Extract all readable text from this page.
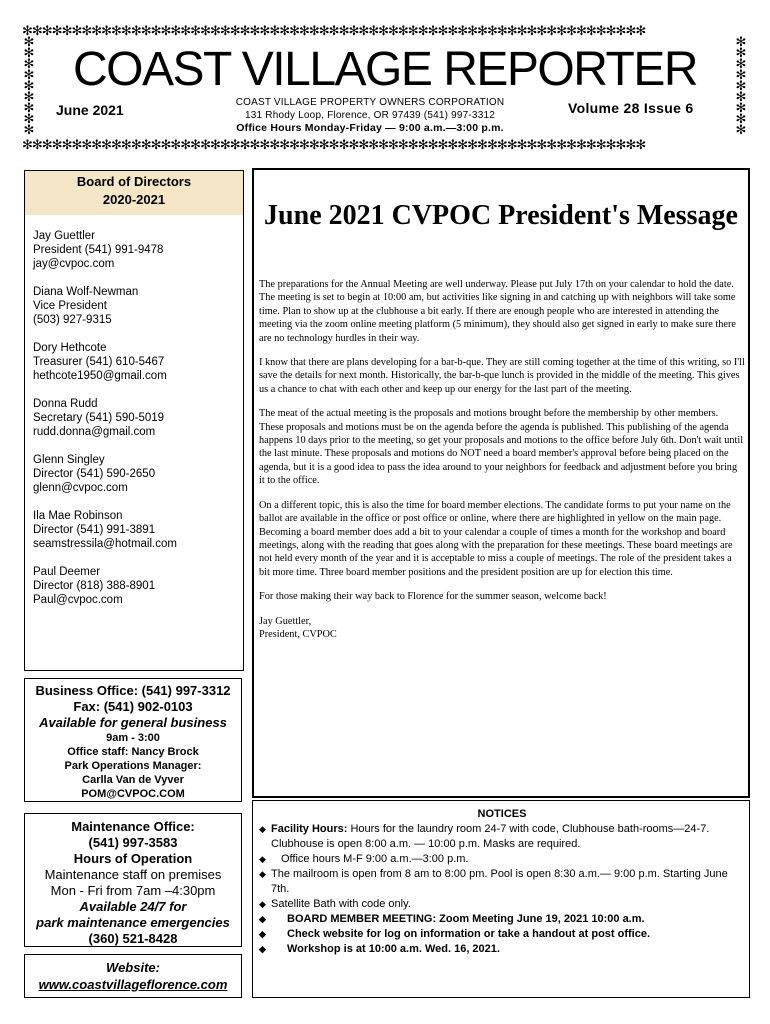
✻✻✻✻✻✻✻✻✻✻✻✻✻✻✻✻✻✻✻✻✻✻✻✻✻✻✻✻✻✻✻✻✻✻✻✻✻✻✻✻✻✻✻✻✻✻✻✻✻✻✻✻✻✻✻✻✻✻✻✻✻✻✻
✻✻✻✻✻✻✻✻✻✻✻✻✻✻✻✻✻✻✻✻✻✻✻✻✻✻✻✻✻✻✻✻✻✻✻✻✻✻✻✻✻✻✻✻✻✻✻✻✻✻✻✻✻✻✻✻✻✻✻✻✻✻✻
✻✻✻✻✻✻✻✻✻
✻✻✻✻✻✻✻✻✻
COAST VILLAGE REPORTER
June 2021	COAST VILLAGE PROPERTY OWNERS CORPORATION
131 Rhody Loop, Florence, OR 97439 (541) 997-3312
Office Hours Monday-Friday — 9:00 a.m.—3:00 p.m.
Volume 28 Issue 6
Board of Directors
2020-2021
Jay Guettler
President (541) 991-9478
jay@cvpoc.com
Diana Wolf-Newman
Vice President
(503) 927-9315
Dory Hethcote
Treasurer (541) 610-5467
hethcote1950@gmail.com
Donna Rudd
Secretary (541) 590-5019
rudd.donna@gmail.com
Glenn Singley
Director (541) 590-2650
glenn@cvpoc.com
Ila Mae Robinson
Director (541) 991-3891
seamstressila@hotmail.com
Paul Deemer
Director (818) 388-8901
Paul@cvpoc.com
Business Office: (541) 997-3312
Fax: (541) 902-0103
Available for general business
9am - 3:00
Office staff: Nancy Brock
Park Operations Manager:
Carlla Van de Vyver
POM@CVPOC.COM
Maintenance Office:
(541) 997-3583
Hours of Operation
Maintenance staff on premises
Mon - Fri from 7am –4:30pm
Available 24/7 for
park maintenance emergencies
(360) 521-8428
Website:
www.coastvillageflorence.com
June 2021 CVPOC President's Message

The preparations for the Annual Meeting are well underway. Please put July 17th on your calendar to hold the date. The meeting is set to begin at 10:00 am, but activities like signing in and catching up with neighbors will take some time. Plan to show up at the clubhouse a bit early. If there are enough people who are interested in attending the meeting via the zoom online meeting platform (5 minimum), they should also get signed in early to make sure there are no technology hurdles in their way.

I know that there are plans developing for a bar-b-que. They are still coming together at the time of this writing, so I'll save the details for next month. Historically, the bar-b-que lunch is provided in the middle of the meeting. This gives us a chance to chat with each other and keep up our energy for the last part of the meeting.

The meat of the actual meeting is the proposals and motions brought before the membership by other members. These proposals and motions must be on the agenda before the agenda is published. This publishing of the agenda happens 10 days prior to the meeting, so get your proposals and motions to the office before July 6th. Don't wait until the last minute. These proposals and motions do NOT need a board member's approval before being placed on the agenda, but it is a good idea to pass the idea around to your neighbors for feedback and adjustment before you bring it to the office.

On a different topic, this is also the time for board member elections. The candidate forms to put your name on the ballot are available in the office or post office or online, where there are highlighted in yellow on the main page. Becoming a board member does add a bit to your calendar a couple of times a month for the workshop and board meetings, along with the reading that goes along with the preparation for these meetings. These board meetings are not held every month of the year and it is acceptable to miss a couple of meetings. The role of the president takes a bit more time. Three board member positions and the president position are up for election this time.

For those making their way back to Florence for the summer season, welcome back!

Jay Guettler,
President, CVPOC
NOTICES
◆ Facility Hours: Hours for the laundry room 24-7 with code, Clubhouse bath-rooms—24-7. Clubhouse is open 8:00 a.m. — 10:00 p.m. Masks are required.
◆ Office hours M-F 9:00 a.m.—3:00 p.m.
◆ The mailroom is open from 8 am to 8:00 pm. Pool is open 8:30 a.m.— 9:00 p.m. Starting June 7th.
◆ Satellite Bath with code only.
◆ BOARD MEMBER MEETING: Zoom Meeting June 19, 2021 10:00 a.m.
◆ Check website for log on information or take a handout at post office.
◆ Workshop is at 10:00 a.m. Wed. 16, 2021.
